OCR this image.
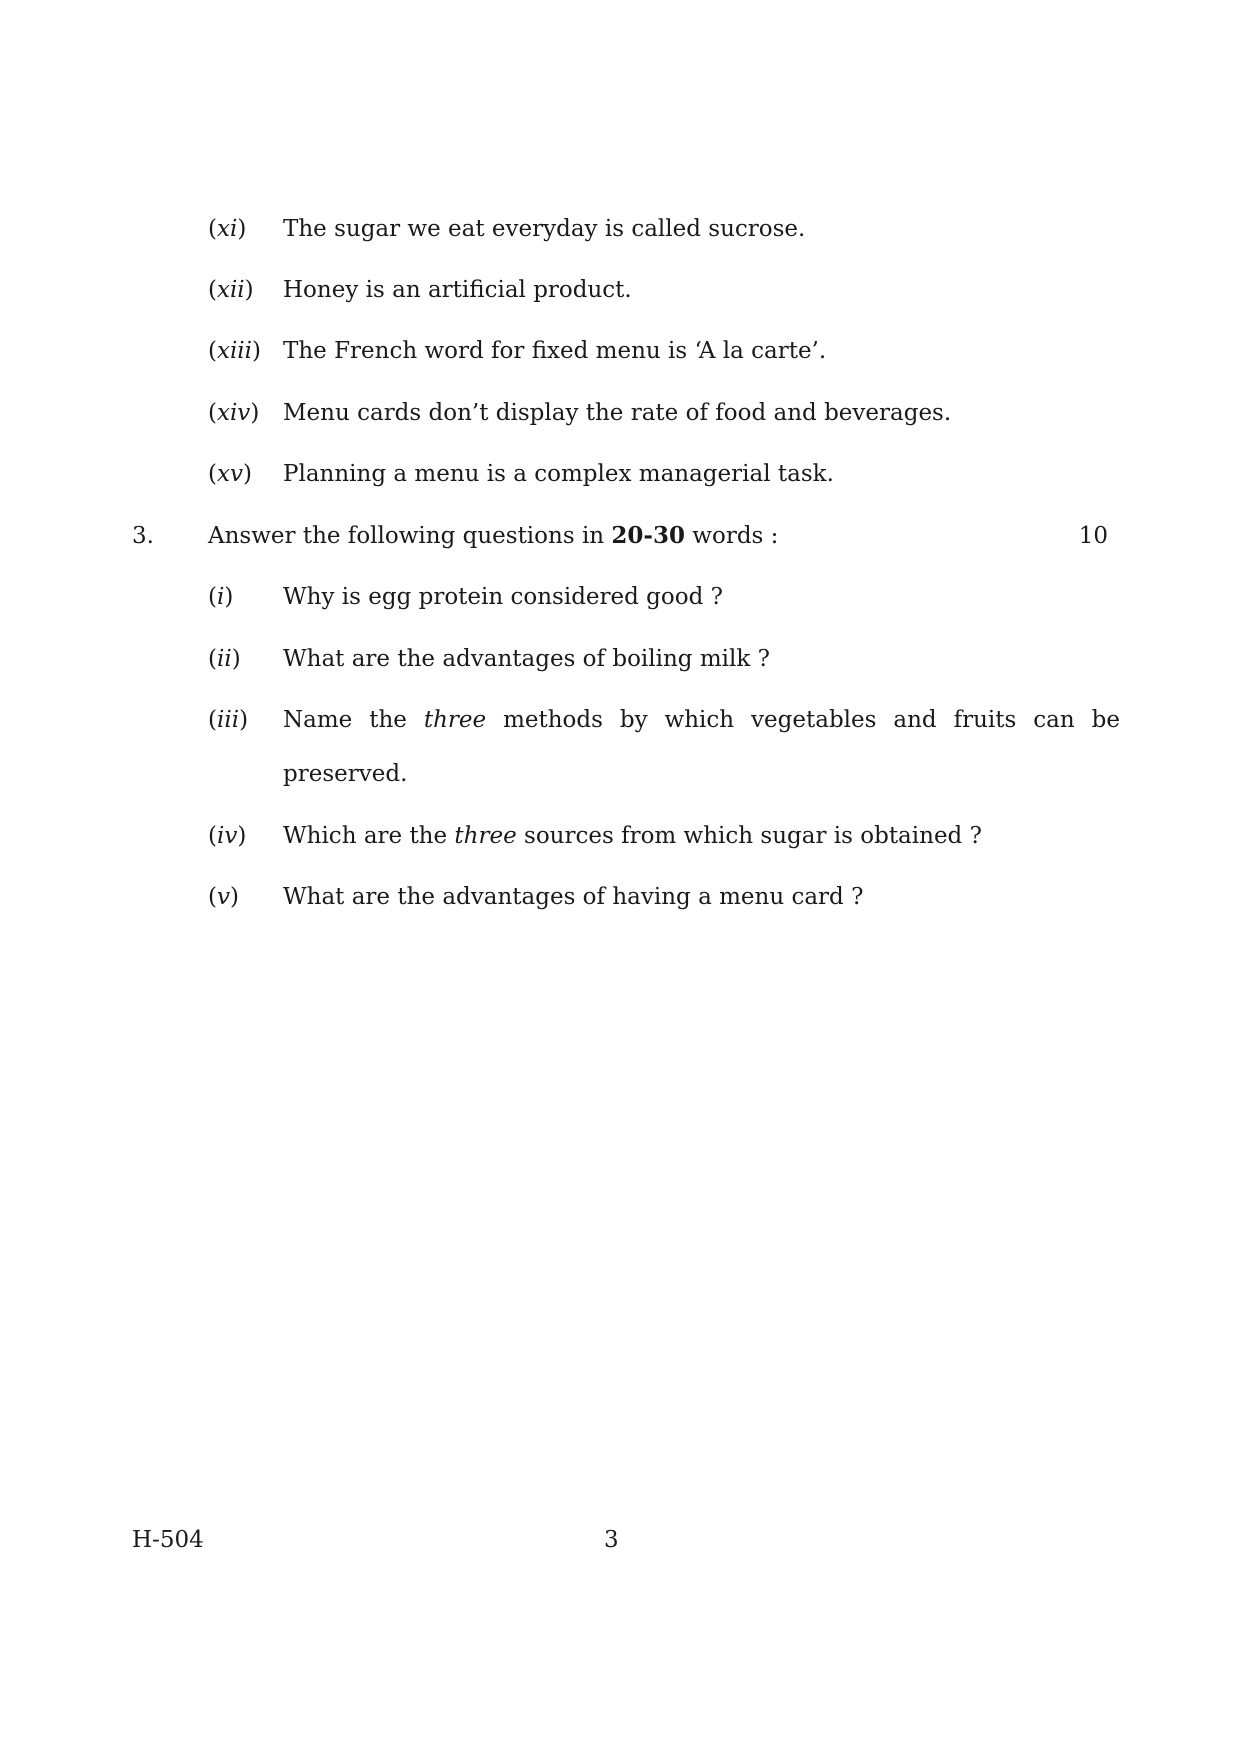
(xi) The sugar we eat everyday is called sucrose.
(xii) Honey is an artificial product.
(xiii) The French word for fixed menu is ‘A la carte’.
(xiv) Menu cards don’t display the rate of food and beverages.
(xv) Planning a menu is a complex managerial task.
3. Answer the following questions in 20-30 words :	10
(i) Why is egg protein considered good ?
(ii) What are the advantages of boiling milk ?
(iii) Name the three methods by which vegetables and fruits can be
preserved.
(iv) Which are the three sources from which sugar is obtained ?
(v) What are the advantages of having a menu card ?
H-504	3
